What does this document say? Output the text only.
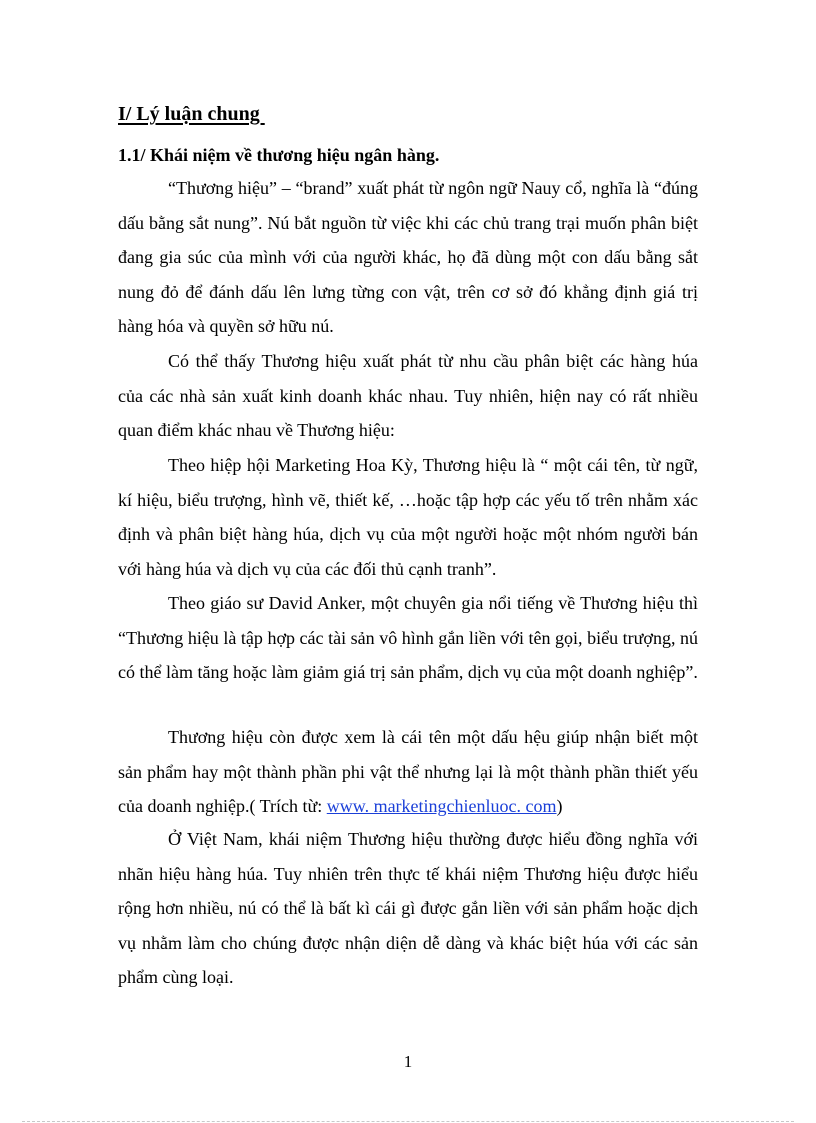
I/ Lý luận chung
1.1/ Khái niệm về thương hiệu ngân hàng.

“Thương hiệu” – “brand” xuất phát từ ngôn ngữ Nauy cổ, nghĩa là “đúng dấu bằng sắt nung”. Nú bắt nguồn từ việc khi các chủ trang trại muốn phân biệt đang gia súc của mình với của người khác, họ đã dùng một con dấu bằng sắt nung đỏ để đánh dấu lên lưng từng con vật, trên cơ sở đó khẳng định giá trị hàng hóa và quyền sở hữu nú.

Có thể thấy Thương hiệu xuất phát từ nhu cầu phân biệt các hàng húa của các nhà sản xuất kinh doanh khác nhau. Tuy nhiên, hiện nay có rất nhiều quan điểm khác nhau về Thương hiệu:

Theo hiệp hội Marketing Hoa Kỳ, Thương hiệu là “ một cái tên, từ ngữ, kí hiệu, biểu trượng, hình vẽ, thiết kế, …hoặc tập hợp các yếu tố trên nhằm xác định và phân biệt hàng húa, dịch vụ của một người hoặc một nhóm người bán với hàng húa và dịch vụ của các đối thủ cạnh tranh”.

Theo giáo sư David Anker, một chuyên gia nổi tiếng về Thương hiệu thì “Thương hiệu là tập hợp các tài sản vô hình gắn liền với tên gọi, biểu trượng, nú có thể làm tăng hoặc làm giảm giá trị sản phẩm, dịch vụ của một doanh nghiệp”.

Thương hiệu còn được xem là cái tên một dấu hệu giúp nhận biết một sản phẩm hay một thành phần phi vật thể nhưng lại là một thành phần thiết yếu của doanh nghiệp.( Trích từ: www. marketingchienluoc. com)

Ở Việt Nam, khái niệm Thương hiệu thường được hiểu đồng nghĩa với nhãn hiệu hàng húa. Tuy nhiên trên thực tế khái niệm Thương hiệu được hiểu rộng hơn nhiều, nú có thể là bất kì cái gì được gắn liền với sản phẩm hoặc dịch vụ nhằm làm cho chúng được nhận diện dễ dàng và khác biệt húa với các sản phẩm cùng loại.

1
